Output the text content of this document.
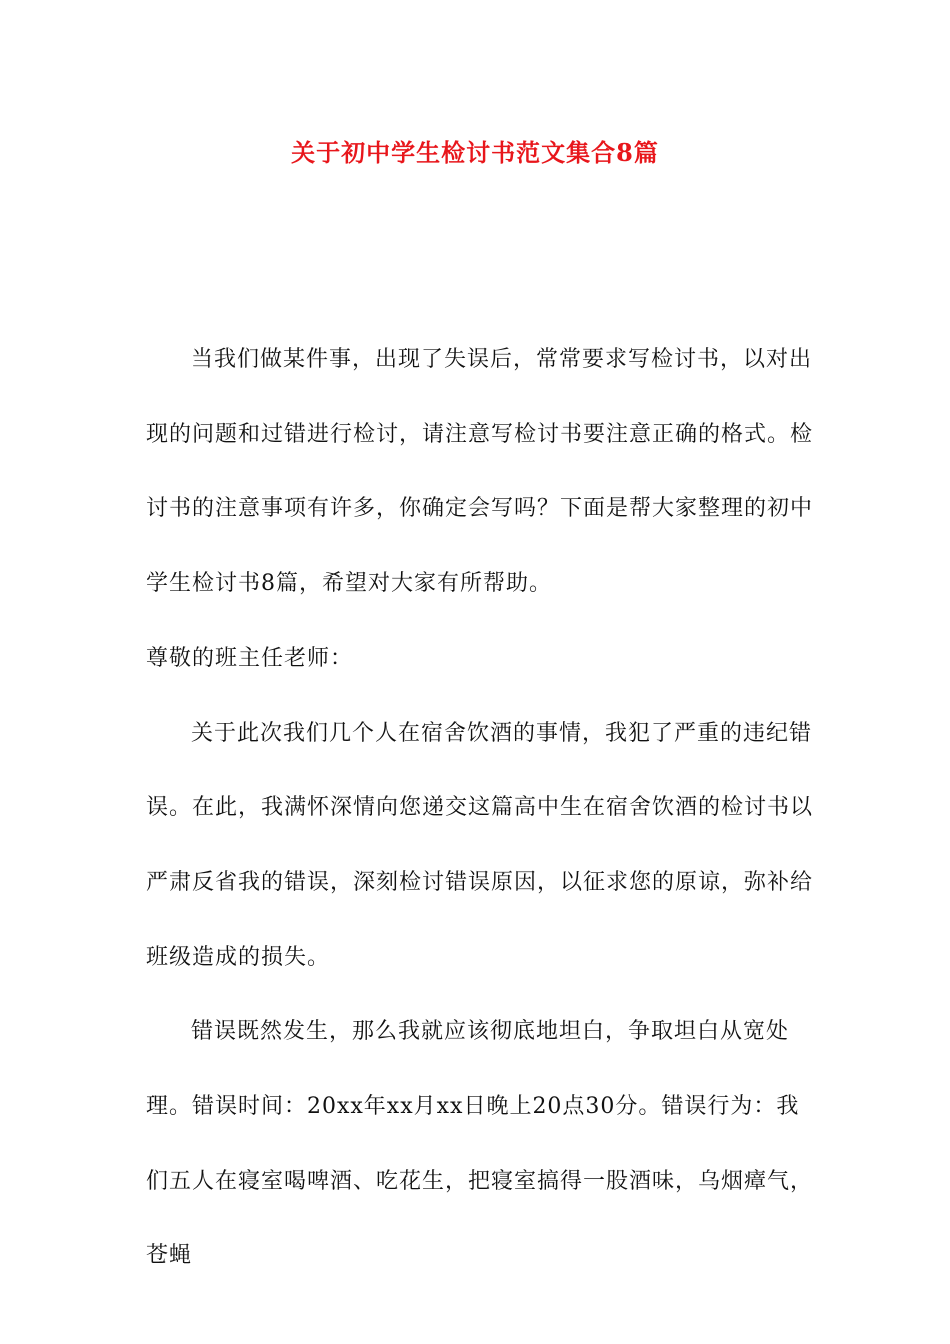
关于初中学生检讨书范文集合8篇

当我们做某件事，出现了失误后，常常要求写检讨书，以对出现的问题和过错进行检讨，请注意写检讨书要注意正确的格式。检讨书的注意事项有许多，你确定会写吗？下面是帮大家整理的初中学生检讨书8篇，希望对大家有所帮助。

尊敬的班主任老师：

关于此次我们几个人在宿舍饮酒的事情，我犯了严重的违纪错误。在此，我满怀深情向您递交这篇高中生在宿舍饮酒的检讨书以严肃反省我的错误，深刻检讨错误原因，以征求您的原谅，弥补给班级造成的损失。

错误既然发生，那么我就应该彻底地坦白，争取坦白从宽处理。错误时间：20xx年xx月xx日晚上20点30分。错误行为：我们五人在寝室喝啤酒、吃花生，把寝室搞得一股酒味，乌烟瘴气，苍蝇
